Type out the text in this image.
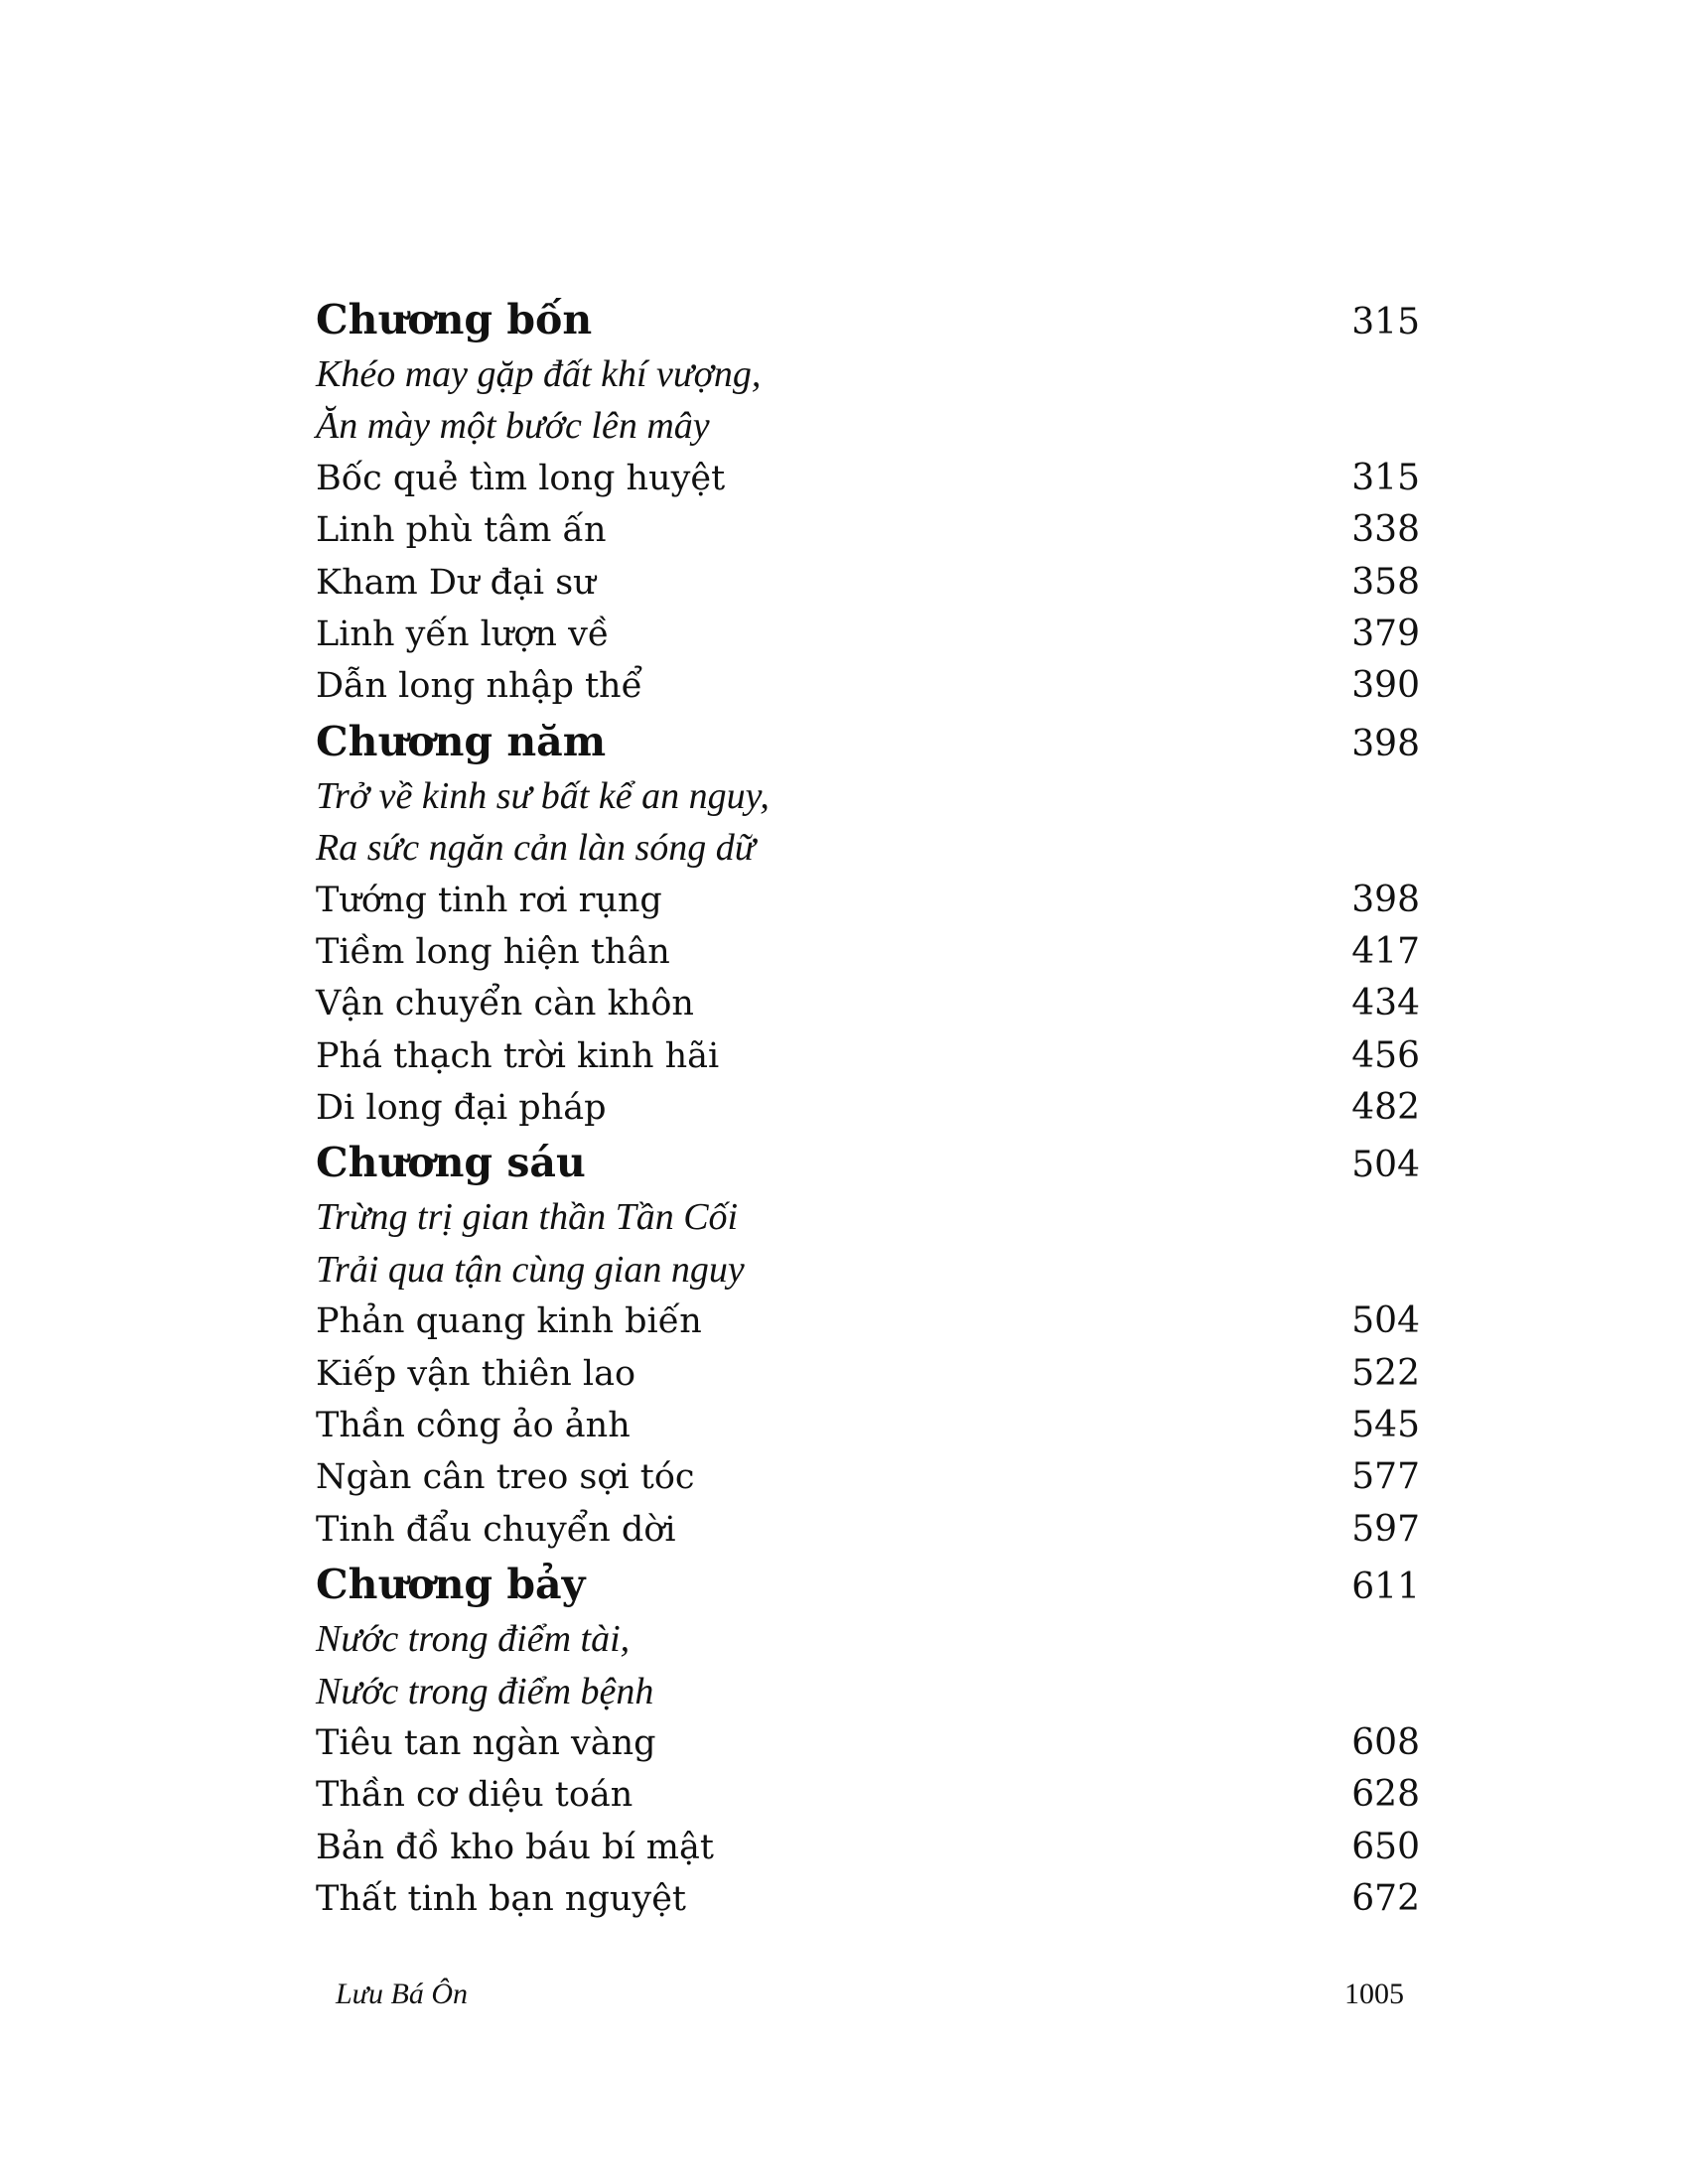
Chương bốn	315
Khéo may gặp đất khí vượng,
Ăn mày một bước lên mây
Bốc quẻ tìm long huyệt	315
Linh phù tâm ấn	338
Kham Dư đại sư	358
Linh yến lượn về	379
Dẫn long nhập thể	390
Chương năm	398
Trở về kinh sư bất kể an nguy,
Ra sức ngăn cản làn sóng dữ
Tướng tinh rơi rụng	398
Tiềm long hiện thân	417
Vận chuyển càn khôn	434
Phá thạch trời kinh hãi	456
Di long đại pháp	482
Chương sáu	504
Trừng trị gian thần Tần Cối
Trải qua tận cùng gian nguy
Phản quang kinh biến	504
Kiếp vận thiên lao	522
Thần công ảo ảnh	545
Ngàn cân treo sợi tóc	577
Tinh đẩu chuyển dời	597
Chương bảy	611
Nước trong điểm tài,
Nước trong điểm bệnh
Tiêu tan ngàn vàng	608
Thần cơ diệu toán	628
Bản đồ kho báu bí mật	650
Thất tinh bạn nguyệt	672
Lưu Bá Ôn	1005
